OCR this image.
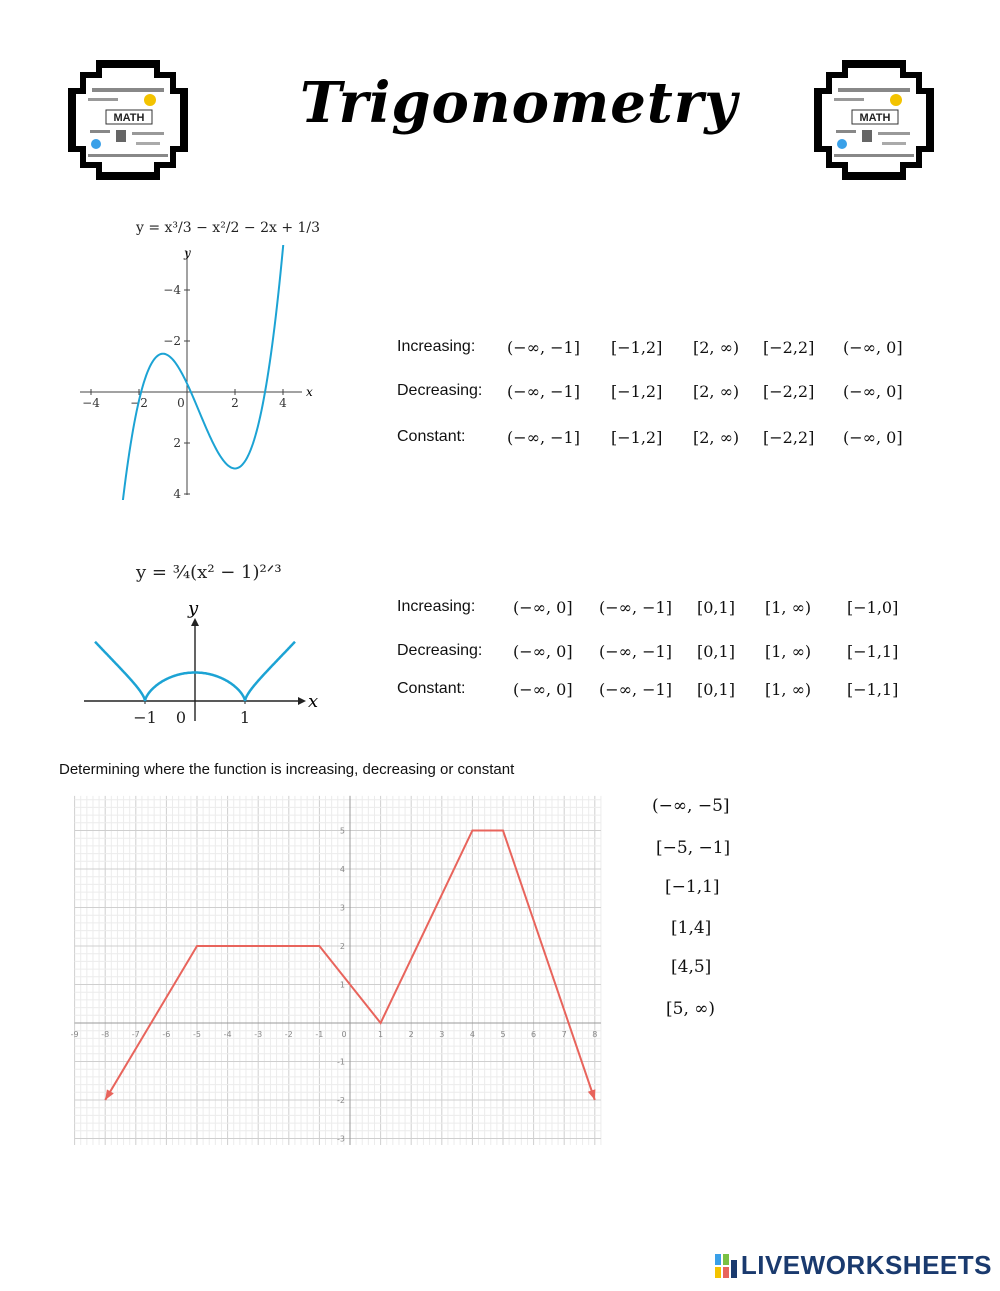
MATH	Trigonometry	MATH
y = x³/3 − x²/2 − 2x + 1/3
−4	−2 0	2	4
4
2
−2
−4
x
y
Increasing:	(−∞, −1]	[−1,2]	[2, ∞)	[−2,2]	(−∞, 0]
Decreasing:	(−∞, −1]	[−1,2]	[2, ∞)	[−2,2]	(−∞, 0]
Constant:	(−∞, −1]	[−1,2]	[2, ∞)	[−2,2]	(−∞, 0]
y = ¾(x² − 1)²ᐟ³
−1 0	1
x
y	Increasing:	(−∞, 0]	(−∞, −1]	[0,1]	[1, ∞)	[−1,0]
Decreasing:	(−∞, 0]	(−∞, −1]	[0,1]	[1, ∞)	[−1,1]
Constant:	(−∞, 0]	(−∞, −1]	[0,1]	[1, ∞)	[−1,1]
Determining where the function is increasing, decreasing or constant
-9	-8	-7	-6	-5	-4	-3	-2	-1 0	1	2	3	4	5	6	7	8
-3
-2
-1
1
2
3
4
5
(−∞, −5]
[−5, −1]
[−1,1]
[1,4]
[4,5]
[5, ∞)
LIVEWORKSHEETS
